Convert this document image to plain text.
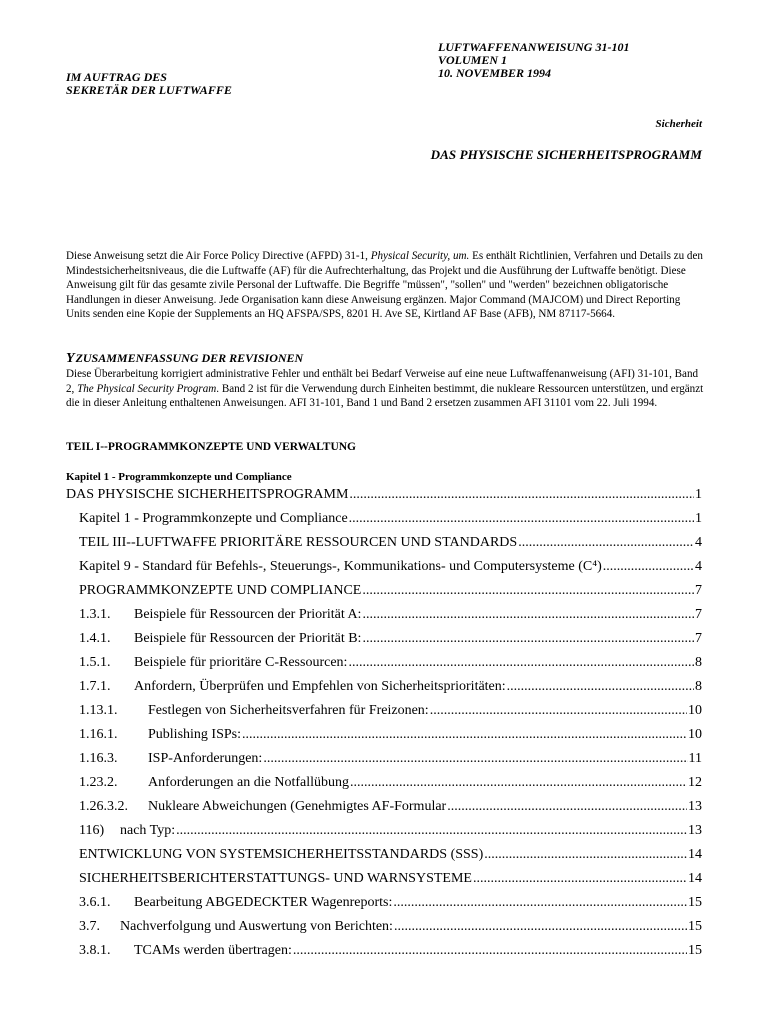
LUFTWAFFENANWEISUNG 31-101
VOLUMEN 1
10. NOVEMBER 1994
IM AUFTRAG DES
SEKRETÄR DER LUFTWAFFE
Sicherheit
DAS PHYSISCHE SICHERHEITSPROGRAMM

Diese Anweisung setzt die Air Force Policy Directive (AFPD) 31-1, Physical Security, um. Es enthält Richtlinien, Verfahren und Details zu den Mindestsicherheitsniveaus, die die Luftwaffe (AF) für die Aufrechterhaltung, das Projekt und die Ausführung der Luftwaffe benötigt. Diese Anweisung gilt für das gesamte zivile Personal der Luftwaffe. Die Begriffe "müssen", "sollen" und "werden" bezeichnen obligatorische Handlungen in dieser Anweisung. Jede Organisation kann diese Anweisung ergänzen. Major Command (MAJCOM) und Direct Reporting Units senden eine Kopie der Supplements an HQ AFSPA/SPS, 8201 H. Ave SE, Kirtland AF Base (AFB), NM 87117-5664.

YZUSAMMENFASSUNG DER REVISIONEN
Diese Überarbeitung korrigiert administrative Fehler und enthält bei Bedarf Verweise auf eine neue Luftwaffenanweisung (AFI) 31-101, Band 2, The Physical Security Program. Band 2 ist für die Verwendung durch Einheiten bestimmt, die nukleare Ressourcen unterstützen, und ergänzt die in dieser Anleitung enthaltenen Anweisungen. AFI 31-101, Band 1 und Band 2 ersetzen zusammen AFI 31101 vom 22. Juli 1994.
TEIL I--PROGRAMMKONZEPTE UND VERWALTUNG
Kapitel 1 - Programmkonzepte und Compliance
DAS PHYSISCHE SICHERHEITSPROGRAMM .....	1
Kapitel 1 - Programmkonzepte und Compliance .....	1
TEIL III--LUFTWAFFE PRIORITÄRE RESSOURCEN UND STANDARDS .....	4
Kapitel 9 - Standard für Befehls-, Steuerungs-, Kommunikations- und Computersysteme (C⁴) .....	4
PROGRAMMKONZEPTE UND COMPLIANCE .....	7
1.3.1.	Beispiele für Ressourcen der Priorität A: .....	7
1.4.1.	Beispiele für Ressourcen der Priorität B: .....	7
1.5.1.	Beispiele für prioritäre C-Ressourcen: .....	8
1.7.1.	Anfordern, Überprüfen und Empfehlen von Sicherheitsprioritäten: .....	8
1.13.1.	Festlegen von Sicherheitsverfahren für Freizonen: .....	10
1.16.1.	Publishing ISPs: .....	10
1.16.3.	ISP-Anforderungen: .....	11
1.23.2.	Anforderungen an die Notfallübung .....	12
1.26.3.2.	Nukleare Abweichungen (Genehmigtes AF-Formular .....	13
116)	nach Typ: .....	13
ENTWICKLUNG VON SYSTEMSICHERHEITSSTANDARDS (SSS) .....	14
SICHERHEITSBERICHTERSTATTUNGS- UND WARNSYSTEME .....	14
3.6.1.	Bearbeitung ABGEDECKTER Wagenreports: .....	15
3.7.	Nachverfolgung und Auswertung von Berichten: .....	15
3.8.1.	TCAMs werden übertragen: .....	15
